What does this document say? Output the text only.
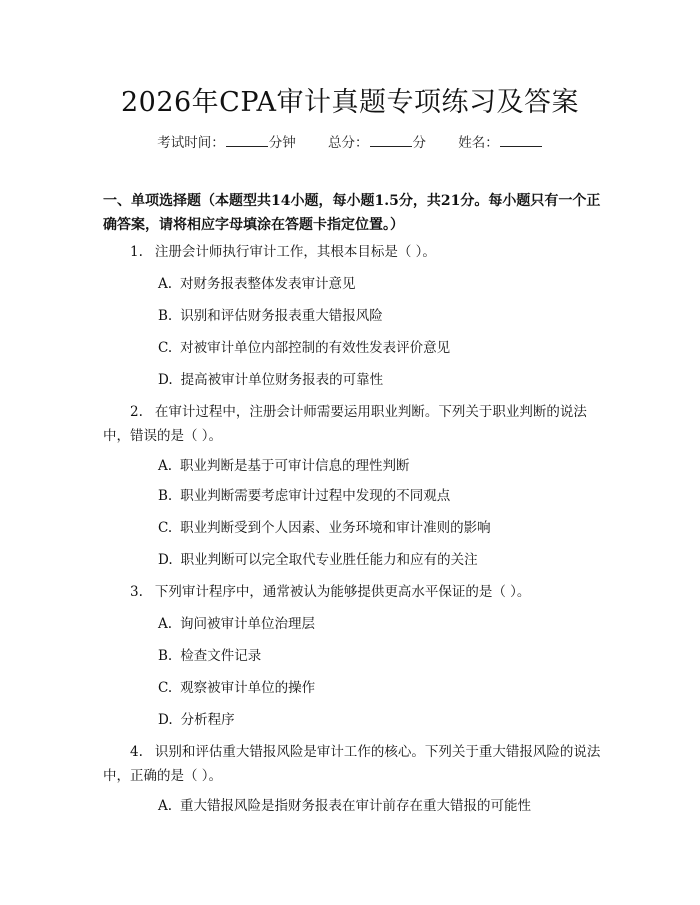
2026年CPA审计真题专项练习及答案
考试时间：	分钟 总分：	分 姓名：
一、单项选择题（本题型共14小题，每小题1.5分，共21分。每小题只有一个正确答案，请将相应字母填涂在答题卡指定位置。）
1. 注册会计师执行审计工作，其根本目标是（ ）。
A. 对财务报表整体发表审计意见
B. 识别和评估财务报表重大错报风险
C. 对被审计单位内部控制的有效性发表评价意见
D. 提高被审计单位财务报表的可靠性
2. 在审计过程中，注册会计师需要运用职业判断。下列关于职业判断的说法中，错误的是（ ）。
A. 职业判断是基于可审计信息的理性判断
B. 职业判断需要考虑审计过程中发现的不同观点
C. 职业判断受到个人因素、业务环境和审计准则的影响
D. 职业判断可以完全取代专业胜任能力和应有的关注
3. 下列审计程序中，通常被认为能够提供更高水平保证的是（ ）。
A. 询问被审计单位治理层
B. 检查文件记录
C. 观察被审计单位的操作
D. 分析程序
4. 识别和评估重大错报风险是审计工作的核心。下列关于重大错报风险的说法中，正确的是（ ）。
A. 重大错报风险是指财务报表在审计前存在重大错报的可能性
